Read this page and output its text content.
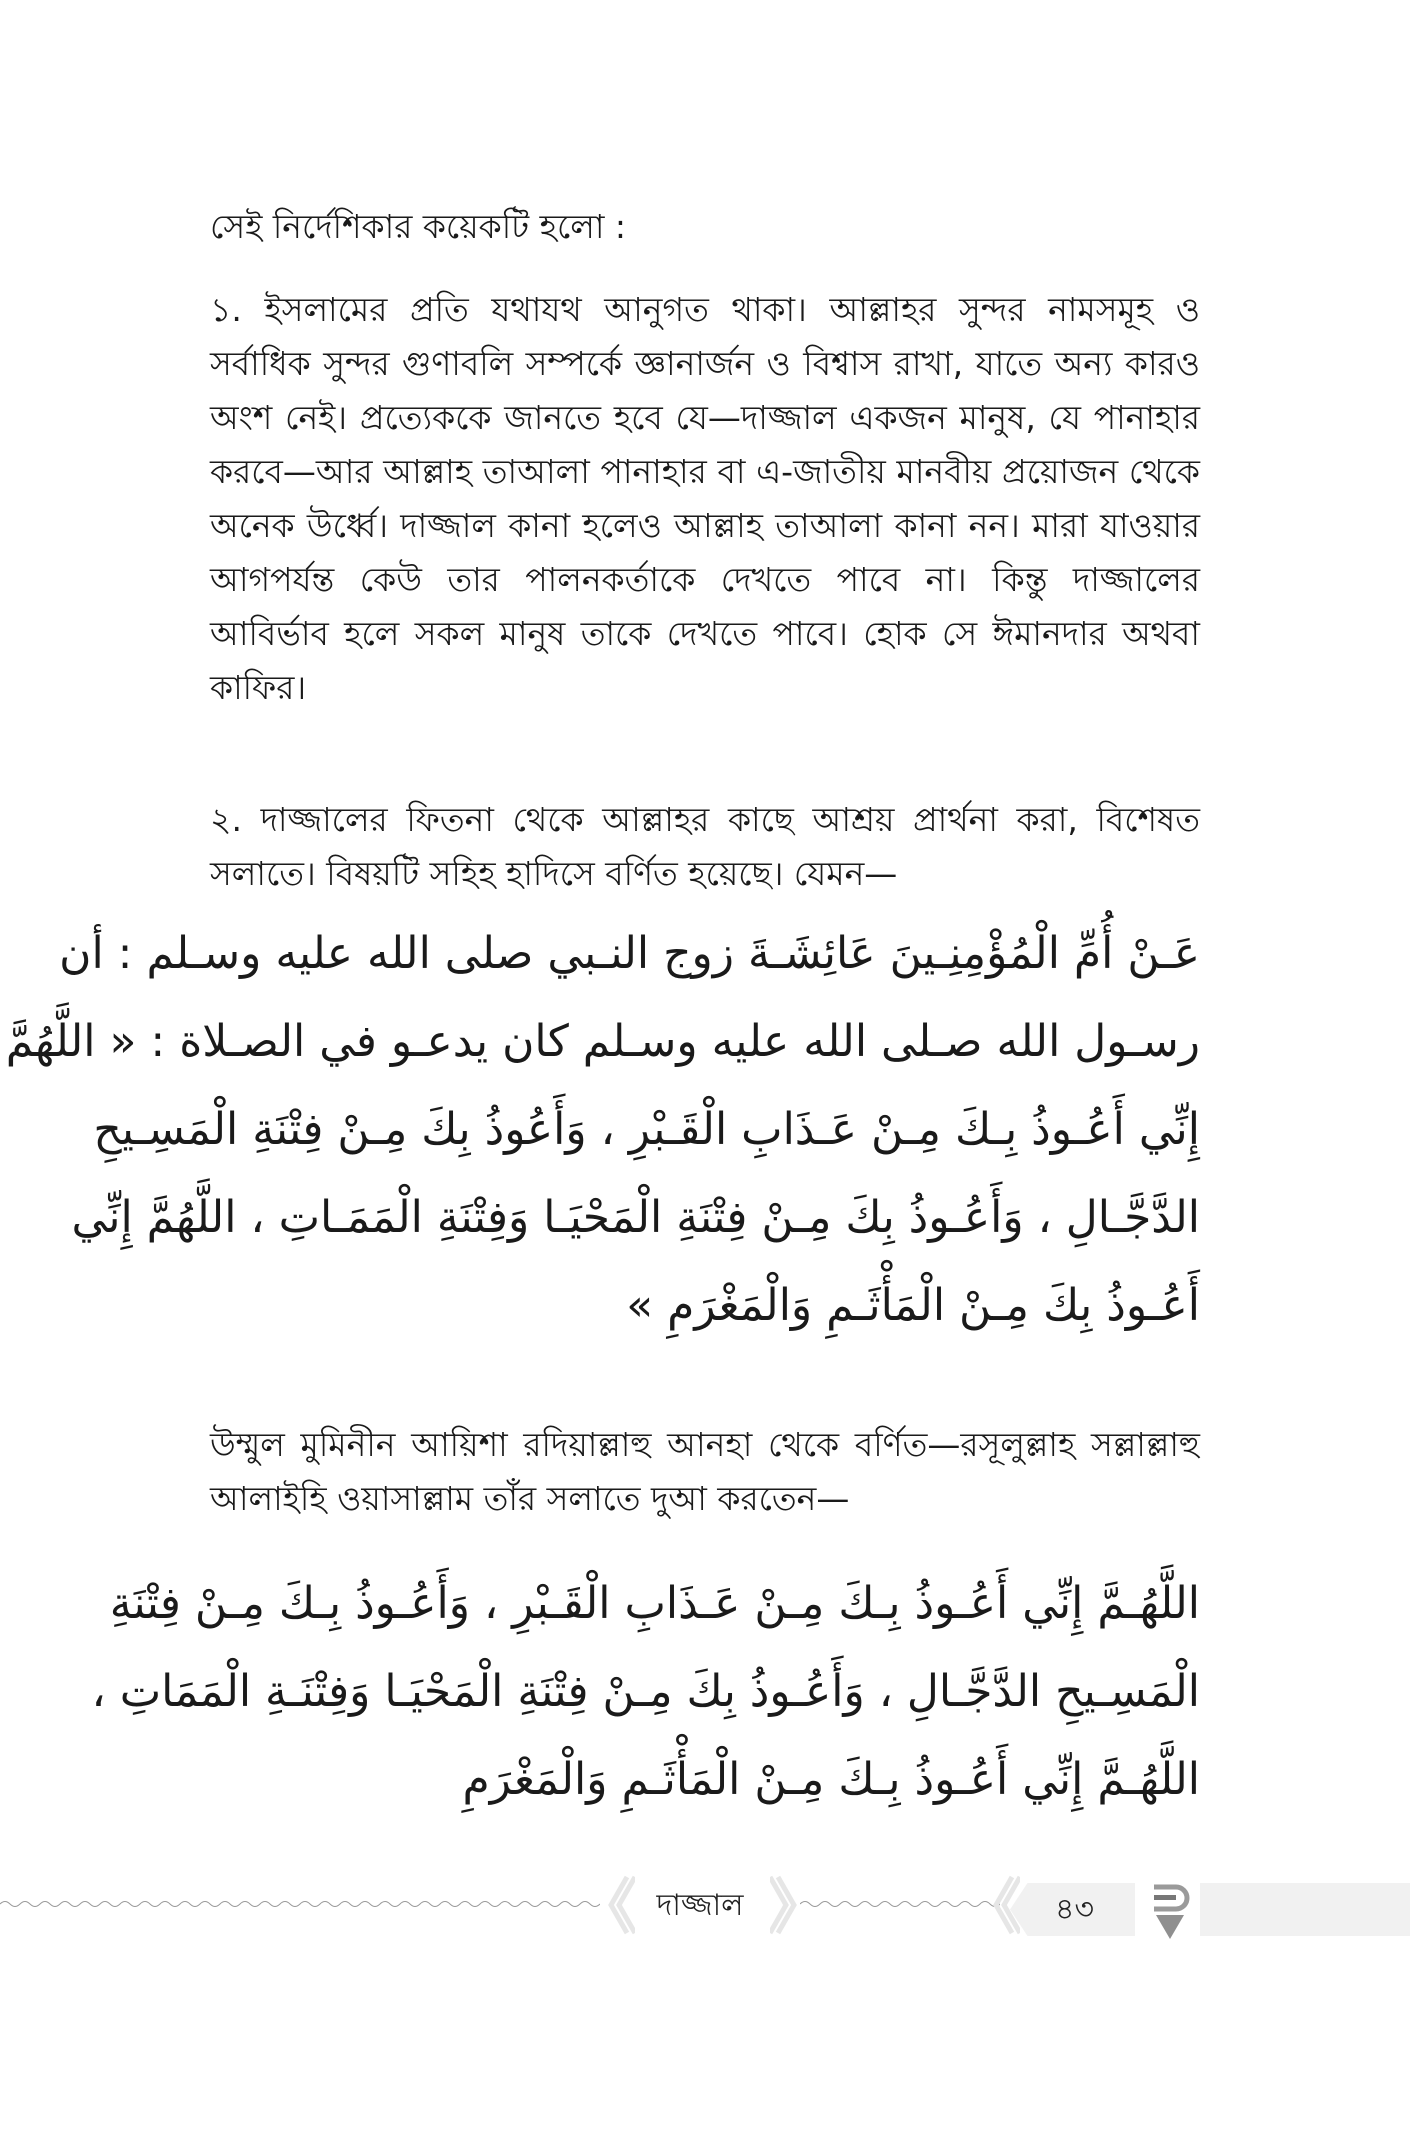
সেই নির্দেশিকার কয়েকটি হলো :

১. ইসলামের প্রতি যথাযথ আনুগত থাকা। আল্লাহর সুন্দর নামসমূহ ও সর্বাধিক সুন্দর গুণাবলি সম্পর্কে জ্ঞানার্জন ও বিশ্বাস রাখা, যাতে অন্য কারও অংশ নেই। প্রত্যেককে জানতে হবে যে—দাজ্জাল একজন মানুষ, যে পানাহার করবে—আর আল্লাহ তাআলা পানাহার বা এ-জাতীয় মানবীয় প্রয়োজন থেকে অনেক উর্ধ্বে। দাজ্জাল কানা হলেও আল্লাহ তাআলা কানা নন। মারা যাওয়ার আগপর্যন্ত কেউ তার পালনকর্তাকে দেখতে পাবে না। কিন্তু দাজ্জালের আবির্ভাব হলে সকল মানুষ তাকে দেখতে পাবে। হোক সে ঈমানদার অথবা কাফির।

২. দাজ্জালের ফিতনা থেকে আল্লাহর কাছে আশ্রয় প্রার্থনা করা, বিশেষত সলাতে। বিষয়টি সহিহ হাদিসে বর্ণিত হয়েছে। যেমন—

عَـنْ أُمِّ الْمُؤْمِنِـينَ عَائِشَـةَ زوج النـبي صلى الله عليه وسـلم : أن
رسـول الله صـلى الله عليه وسـلم كان يدعـو في الصـلاة : « اللَّهُمَّ
إِنِّي أَعُـوذُ بِـكَ مِـنْ عَـذَابِ الْقَـبْرِ ، وَأَعُوذُ بِكَ مِـنْ فِتْنَةِ الْمَسِـيحِ
الدَّجَّـالِ ، وَأَعُـوذُ بِكَ مِـنْ فِتْنَةِ الْمَحْيَـا وَفِتْنَةِ الْمَمَـاتِ ، اللَّهُمَّ إِنِّي
أَعُـوذُ بِكَ مِـنْ الْمَأْثَـمِ وَالْمَغْرَمِ »

উম্মুল মুমিনীন আয়িশা রদিয়াল্লাহু আনহা থেকে বর্ণিত—রসূলুল্লাহ সল্লাল্লাহু আলাইহি ওয়াসাল্লাম তাঁর সলাতে দুআ করতেন—

اللَّهُـمَّ إِنِّي أَعُـوذُ بِـكَ مِـنْ عَـذَابِ الْقَـبْرِ ، وَأَعُـوذُ بِـكَ مِـنْ فِتْنَةِ
الْمَسِـيحِ الدَّجَّـالِ ، وَأَعُـوذُ بِكَ مِـنْ فِتْنَةِ الْمَحْيَـا وَفِتْنَـةِ الْمَمَاتِ ،
اللَّهُـمَّ إِنِّي أَعُـوذُ بِـكَ مِـنْ الْمَأْثَـمِ وَالْمَغْرَمِ
দাজ্জাল	৪৩
